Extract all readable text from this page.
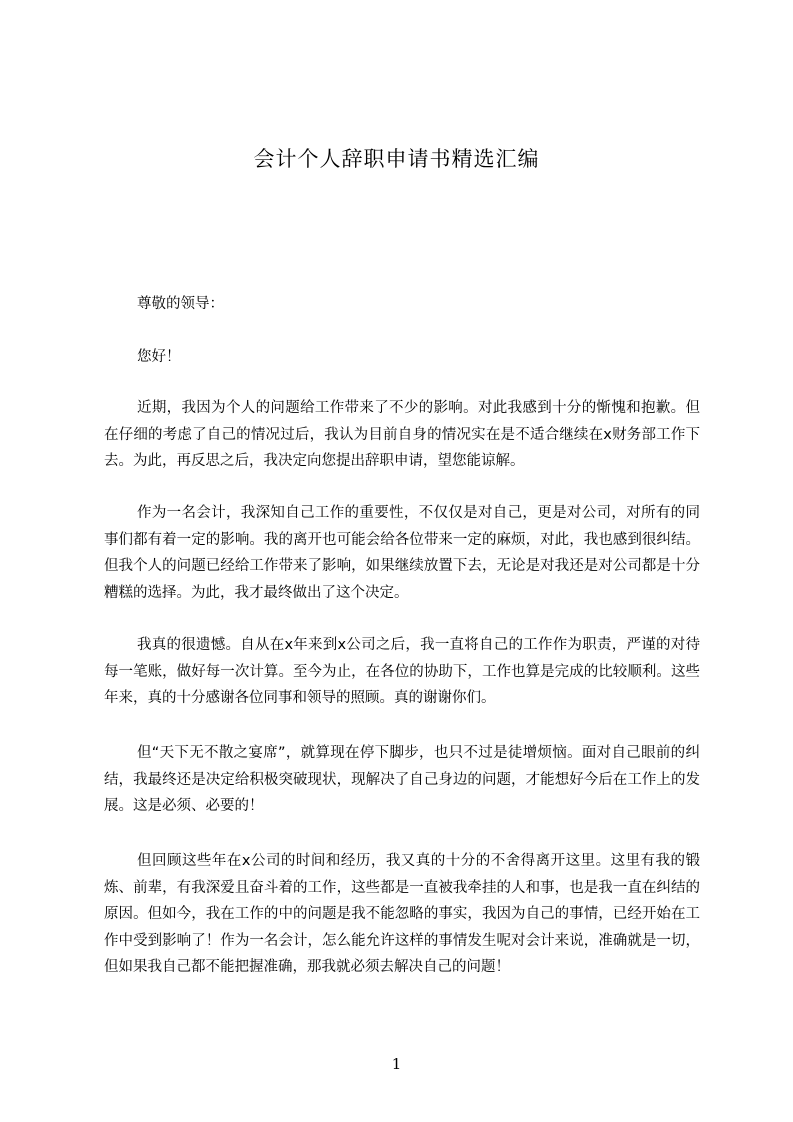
会计个人辞职申请书精选汇编

尊敬的领导：

您好！

近期，我因为个人的问题给工作带来了不少的影响。对此我感到十分的惭愧和抱歉。但在仔细的考虑了自己的情况过后，我认为目前自身的情况实在是不适合继续在x财务部工作下去。为此，再反思之后，我决定向您提出辞职申请，望您能谅解。

作为一名会计，我深知自己工作的重要性，不仅仅是对自己，更是对公司，对所有的同事们都有着一定的影响。我的离开也可能会给各位带来一定的麻烦，对此，我也感到很纠结。但我个人的问题已经给工作带来了影响，如果继续放置下去，无论是对我还是对公司都是十分糟糕的选择。为此，我才最终做出了这个决定。

我真的很遗憾。自从在x年来到x公司之后，我一直将自己的工作作为职责，严谨的对待每一笔账，做好每一次计算。至今为止，在各位的协助下，工作也算是完成的比较顺利。这些年来，真的十分感谢各位同事和领导的照顾。真的谢谢你们。

但“天下无不散之宴席”，就算现在停下脚步，也只不过是徒增烦恼。面对自己眼前的纠结，我最终还是决定给积极突破现状，现解决了自己身边的问题，才能想好今后在工作上的发展。这是必须、必要的！

但回顾这些年在x公司的时间和经历，我又真的十分的不舍得离开这里。这里有我的锻炼、前辈，有我深爱且奋斗着的工作，这些都是一直被我牵挂的人和事，也是我一直在纠结的原因。但如今，我在工作的中的问题是我不能忽略的事实，我因为自己的事情，已经开始在工作中受到影响了！作为一名会计，怎么能允许这样的事情发生呢对会计来说，准确就是一切，但如果我自己都不能把握准确，那我就必须去解决自己的问题！

1
